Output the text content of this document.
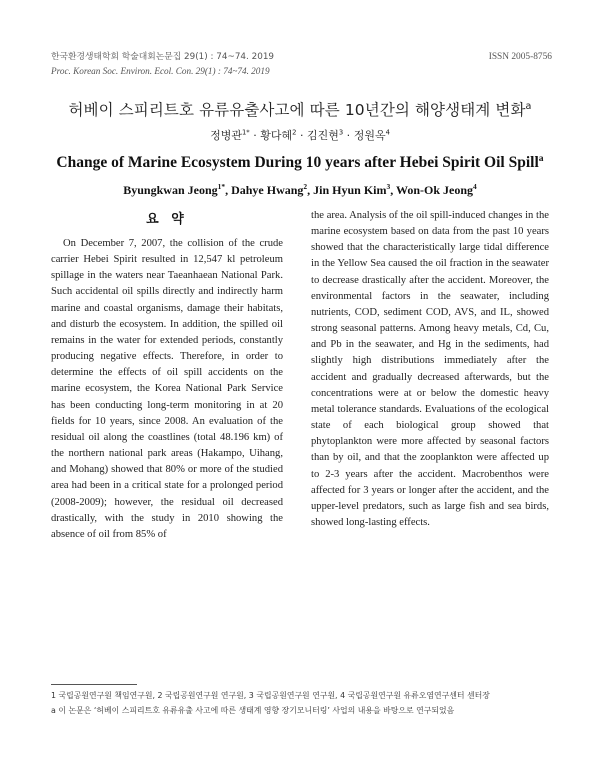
한국환경생태학회 학술대회논문집 29(1) : 74~74. 2019
Proc. Korean Soc. Environ. Ecol. Con. 29(1) : 74~74. 2019
ISSN 2005-8756
허베이 스피리트호 유류유출사고에 따른 10년간의 해양생태계 변화$^a$
정병관$^{1*}$ · 황다혜$^2$ · 김진현$^3$ · 정원옥$^4$
Change of Marine Ecosystem During 10 years after Hebei Spirit Oil Spill$^a$
Byungkwan Jeong$^{1*}$, Dahye Hwang$^2$, Jin Hyun Kim$^3$, Won-Ok Jeong$^4$
요 약

On December 7, 2007, the collision of the crude carrier Hebei Spirit resulted in 12,547 kl petroleum spillage in the waters near Taeanhaean National Park. Such accidental oil spills directly and indirectly harm marine and coastal organisms, damage their habitats, and disturb the ecosystem. In addition, the spilled oil remains in the water for extended periods, constantly producing negative effects. Therefore, in order to determine the effects of oil spill accidents on the marine ecosystem, the Korea National Park Service has been conducting long-term monitoring in at 20 fields for 10 years, since 2008. An evaluation of the residual oil along the coastlines (total 48.196 km) of the northern national park areas (Hakampo, Uihang, and Mohang) showed that 80% or more of the studied area had been in a critical state for a prolonged period (2008-2009); however, the residual oil decreased drastically, with the study in 2010 showing the absence of oil from 85% of

the area. Analysis of the oil spill-induced changes in the marine ecosystem based on data from the past 10 years showed that the characteristically large tidal difference in the Yellow Sea caused the oil fraction in the seawater to decrease drastically after the accident. Moreover, the environmental factors in the seawater, including nutrients, COD, sediment COD, AVS, and IL, showed strong seasonal patterns. Among heavy metals, Cd, Cu, and Pb in the seawater, and Hg in the sediments, had slightly high distributions immediately after the accident and gradually decreased afterwards, but the concentrations were at or below the domestic heavy metal tolerance standards. Evaluations of the ecological state of each biological group showed that phytoplankton were more affected by seasonal factors than by oil, and that the zooplankton were affected up to 2-3 years after the accident. Macrobenthos were affected for 3 years or longer after the accident, and the upper-level predators, such as large fish and sea birds, showed long-lasting effects.

1 국립공원연구원 책임연구원, 2 국립공원연구원 연구원, 3 국립공원연구원 연구원, 4 국립공원연구원 유류오염연구센터 센터장
a 이 논문은 ‘허베이 스피리트호 유류유출 사고에 따른 생태계 영향 장기모니터링’ 사업의 내용을 바탕으로 연구되었음
